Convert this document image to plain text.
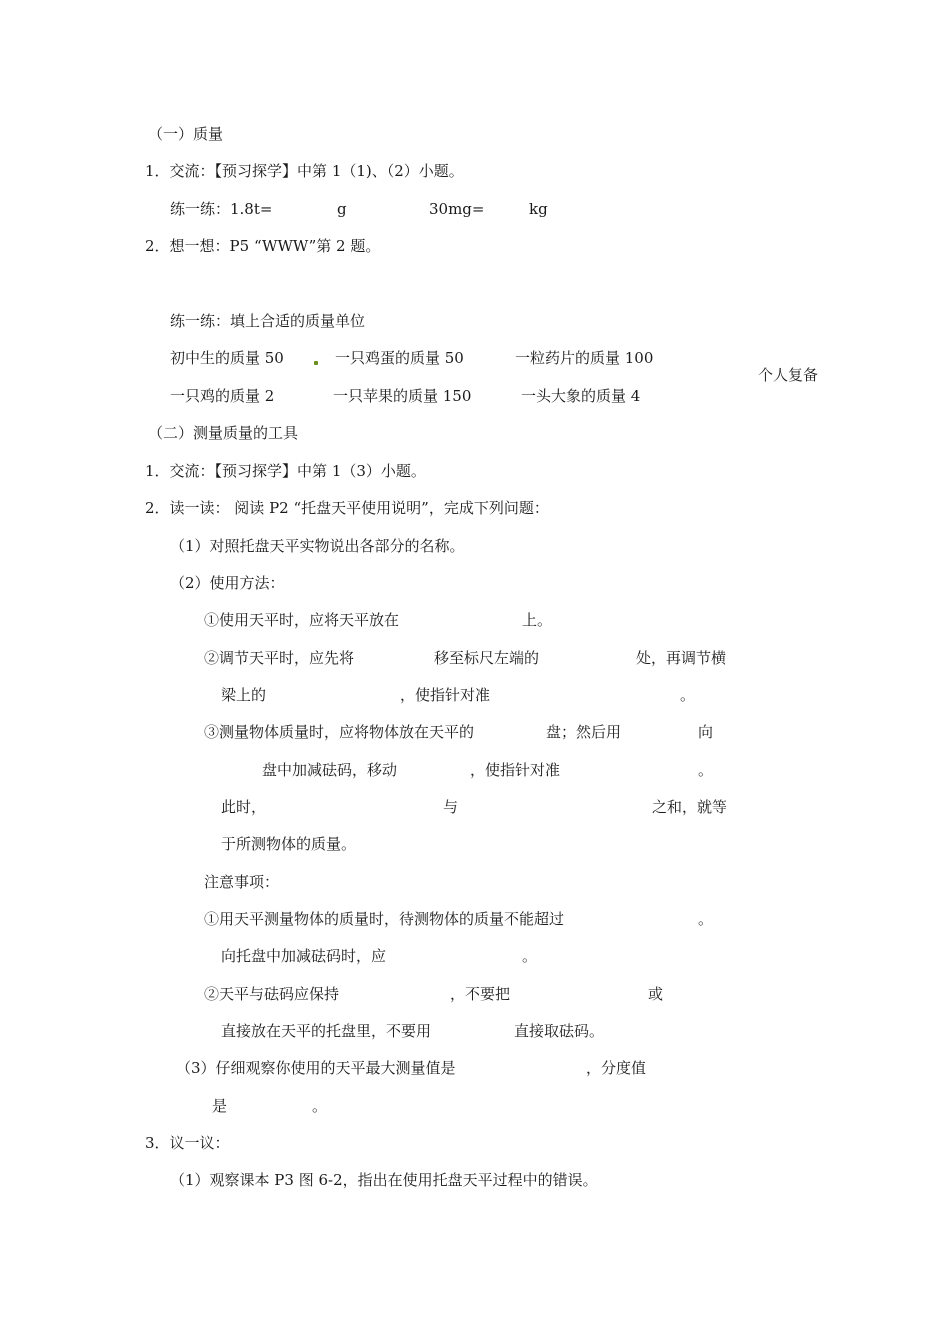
（一）质量
1．交流：【预习探学】中第 1（1)、（2）小题。
练一练：1.8t=	g	30mg=	kg
2．想一想：P5 “WWW”第 2 题。
练一练：填上合适的质量单位
初中生的质量 50	一只鸡蛋的质量 50	一粒药片的质量 100
个人复备
一只鸡的质量 2	一只苹果的质量 150	一头大象的质量 4
（二）测量质量的工具
1．交流：【预习探学】中第 1（3）小题。
2．读一读： 阅读 P2 “托盘天平使用说明”，完成下列问题：
（1）对照托盘天平实物说出各部分的名称。
（2）使用方法：
①使用天平时，应将天平放在	上。
②调节天平时，应先将	移至标尺左端的	处，再调节横
梁上的	，使指针对准	。
③测量物体质量时，应将物体放在天平的	盘；然后用	向
盘中加减砝码，移动	，使指针对准	。
此时，	与	之和，就等
于所测物体的质量。
注意事项：
①用天平测量物体的质量时，待测物体的质量不能超过	。
向托盘中加减砝码时，应	。
②天平与砝码应保持	，不要把	或
直接放在天平的托盘里，不要用	直接取砝码。
（3）仔细观察你使用的天平最大测量值是	，分度值
是	。
3．议一议：
（1）观察课本 P3 图 6-2，指出在使用托盘天平过程中的错误。
